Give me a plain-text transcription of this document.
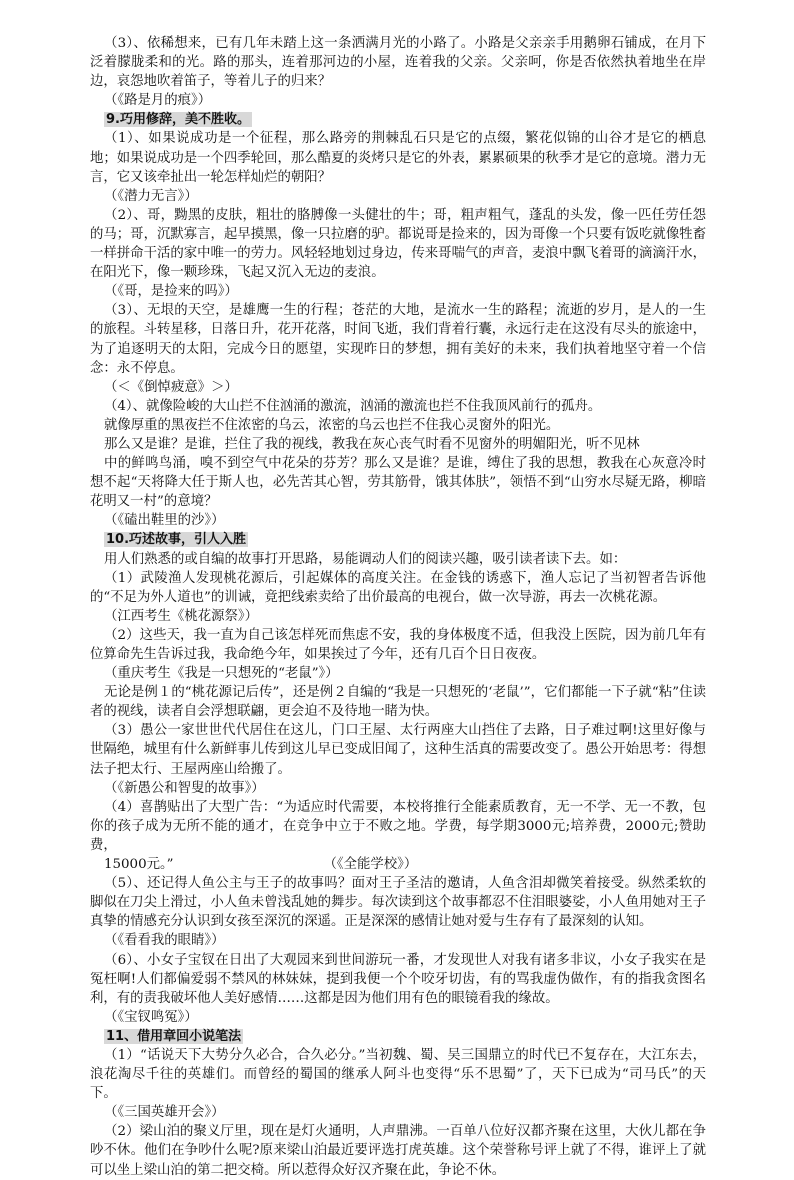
（3）、依稀想来，已有几年未踏上这一条洒满月光的小路了。小路是父亲亲手用鹅卵石铺成，在月下泛着朦胧柔和的光。路的那头，连着那河边的小屋，连着我的父亲。父亲呵，你是否依然执着地坐在岸边，哀怨地吹着笛子，等着儿子的归来？

（《路是月的痕》）

9.巧用修辞，美不胜收。

（1）、如果说成功是一个征程，那么路旁的荆棘乱石只是它的点缀，繁花似锦的山谷才是它的栖息地；如果说成功是一个四季轮回，那么酷夏的炎烤只是它的外表，累累硕果的秋季才是它的意境。潜力无言，它又该牵扯出一轮怎样灿烂的朝阳？

（《潜力无言》）

（2）、哥，黝黑的皮肤，粗壮的胳膊像一头健壮的牛；哥，粗声粗气，蓬乱的头发，像一匹任劳任怨的马；哥，沉默寡言，起早摸黑，像一只拉磨的驴。都说哥是捡来的，因为哥像一个只要有饭吃就像牲畜一样拼命干活的家中唯一的劳力。风轻轻地划过身边，传来哥喘气的声音，麦浪中飘飞着哥的滴滴汗水，在阳光下，像一颗珍珠，飞起又沉入无边的麦浪。

（《哥，是捡来的吗》）

（3）、无垠的天空，是雄鹰一生的行程；苍茫的大地，是流水一生的路程；流逝的岁月，是人的一生的旅程。斗转星移，日落日升，花开花落，时间飞逝，我们背着行囊，永远行走在这没有尽头的旅途中，为了追逐明天的太阳，完成今日的愿望，实现昨日的梦想，拥有美好的未来，我们执着地坚守着一个信念：永不停息。

（＜《倒悼疲意》＞）

（4）、就像险峻的大山拦不住汹涌的激流，汹涌的激流也拦不住我顶风前行的孤舟。

就像厚重的黑夜拦不住浓密的乌云，浓密的乌云也拦不住我心灵窗外的阳光。

那么又是谁？是谁，拦住了我的视线，教我在灰心丧气时看不见窗外的明媚阳光，听不见林

中的鲜鸣鸟涌，嗅不到空气中花朵的芬芳？那么又是谁？是谁，缚住了我的思想，教我在心灰意冷时想不起“天将降大任于斯人也，必先苦其心智，劳其筋骨，饿其体肤”，领悟不到“山穷水尽疑无路，柳暗花明又一村”的意境？

（《磕出鞋里的沙》）

10.巧述故事，引人入胜

用人们熟悉的或自编的故事打开思路，易能调动人们的阅读兴趣，吸引读者读下去。如：

（1）武陵渔人发现桃花源后，引起媒体的高度关注。在金钱的诱惑下，渔人忘记了当初智者告诉他的“不足为外人道也”的训诫，竟把线索卖给了出价最高的电视台，做一次导游，再去一次桃花源。

（江西考生《桃花源祭》）

（2）这些天，我一直为自己该怎样死而焦虑不安，我的身体极度不适，但我没上医院，因为前几年有位算命先生告诉过我，我命绝今年，如果挨过了今年，还有几百个日日夜夜。

（重庆考生《我是一只想死的“老鼠”》）

无论是例１的“桃花源记后传”，还是例２自编的“我是一只想死的‘老鼠’”，它们都能一下子就“粘”住读者的视线，读者自会浮想联翩，更会迫不及待地一睹为快。

（3）愚公一家世世代代居住在这儿，门口王屋、太行两座大山挡住了去路，日子难过啊!这里好像与世隔绝，城里有什么新鲜事儿传到这儿早已变成旧闻了，这种生活真的需要改变了。愚公开始思考：得想法子把太行、王屋两座山给搬了。

（《新愚公和智叟的故事》）

（4）喜鹊贴出了大型广告：“为适应时代需要，本校将推行全能素质教育，无一不学、无一不教，包你的孩子成为无所不能的通才，在竞争中立于不败之地。学费，每学期3000元;培养费，2000元;赞助费，

15000元。”	（《全能学校》）

（5）、还记得人鱼公主与王子的故事吗？面对王子圣洁的邀请，人鱼含泪却微笑着接受。纵然柔软的脚似在刀尖上滑过，小人鱼未曾浅乱她的舞步。每次读到这个故事都忍不住泪眼婆娑，小人鱼用她对王子真挚的情感充分认识到女孩至深沉的深遥。正是深深的感情让她对爱与生存有了最深刻的认知。

（《看看我的眼睛》）

（6）、小女子宝钗在日出了大观园来到世间游玩一番，才发现世人对我有诸多非议，小女子我实在是冤枉啊!人们都偏爱弱不禁风的林妹妹，提到我便一个个咬牙切齿，有的骂我虚伪做作，有的指我贪图名利，有的责我破坏他人美好感情……这都是因为他们用有色的眼镜看我的缘故。

（《宝钗鸣冤》）

11、借用章回小说笔法

（1）“话说天下大势分久必合，合久必分。”当初魏、蜀、吴三国鼎立的时代已不复存在，大江东去，浪花淘尽千往的英雄们。而曾经的蜀国的继承人阿斗也变得“乐不思蜀”了，天下已成为“司马氏”的天下。

（《三国英雄开会》）

（2）梁山泊的聚义厅里，现在是灯火通明，人声鼎沸。一百单八位好汉都齐聚在这里，大伙儿都在争吵不休。他们在争吵什么呢?原来梁山泊最近要评选打虎英雄。这个荣誉称号评上就了不得，谁评上了就可以坐上梁山泊的第二把交椅。所以惹得众好汉齐聚在此，争论不休。
